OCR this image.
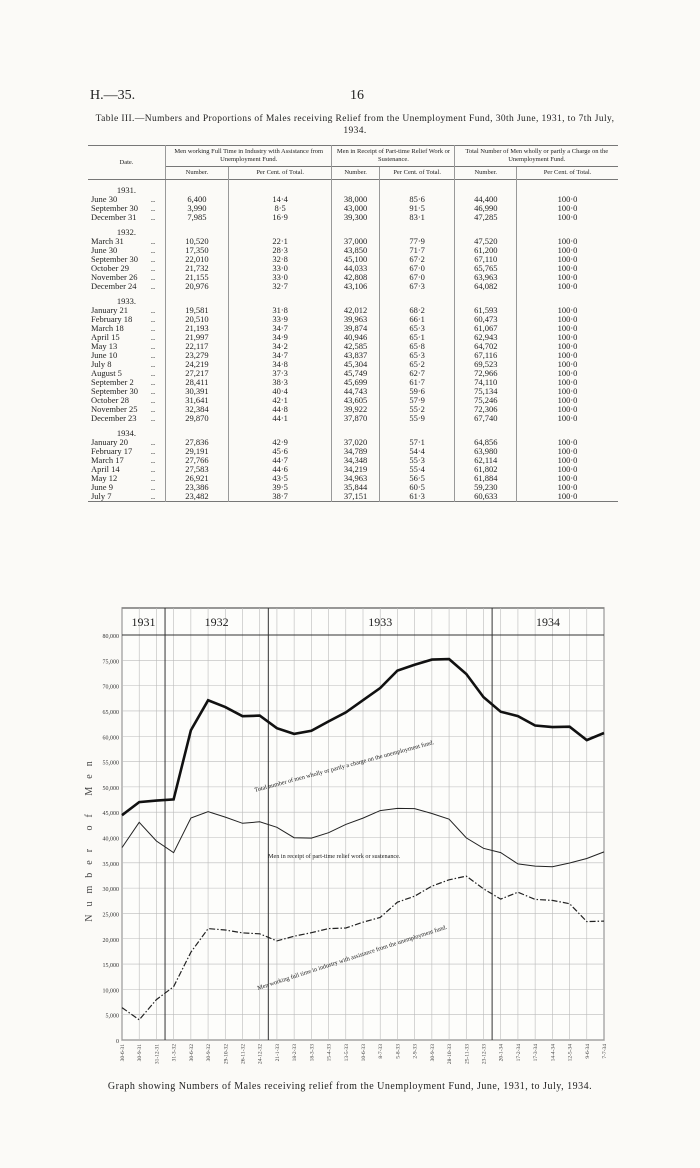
H.—35.	16
Table III.—Numbers and Proportions of Males receiving Relief from the Unemployment Fund, 30th June, 1931, to 7th July, 1934.
Date.		Men working Full Time in Industry with Assistance from Unemployment Fund.		Men in Receipt of Part-time Relief Work or Sustenance.		Total Number of Men wholly or partly a Charge on the Unemployment Fund.	
		Number.	Per Cent. of Total.	Number.	Per Cent. of Total.	Number.	Per Cent. of Total.
1931.							
June 30	..	6,400	14·4	38,000	85·6	44,400	100·0
September 30	..	3,990	8·5	43,000	91·5	46,990	100·0
December 31	..	7,985	16·9	39,300	83·1	47,285	100·0
1932.							
March 31	..	10,520	22·1	37,000	77·9	47,520	100·0
June 30	..	17,350	28·3	43,850	71·7	61,200	100·0
September 30	..	22,010	32·8	45,100	67·2	67,110	100·0
October 29	..	21,732	33·0	44,033	67·0	65,765	100·0
November 26	..	21,155	33·0	42,808	67·0	63,963	100·0
December 24	..	20,976	32·7	43,106	67·3	64,082	100·0
1933.							
January 21	..	19,581	31·8	42,012	68·2	61,593	100·0
February 18	..	20,510	33·9	39,963	66·1	60,473	100·0
March 18	..	21,193	34·7	39,874	65·3	61,067	100·0
April 15	..	21,997	34·9	40,946	65·1	62,943	100·0
May 13	..	22,117	34·2	42,585	65·8	64,702	100·0
June 10	..	23,279	34·7	43,837	65·3	67,116	100·0
July 8	..	24,219	34·8	45,304	65·2	69,523	100·0
August 5	..	27,217	37·3	45,749	62·7	72,966	100·0
September 2	..	28,411	38·3	45,699	61·7	74,110	100·0
September 30	..	30,391	40·4	44,743	59·6	75,134	100·0
October 28	..	31,641	42·1	43,605	57·9	75,246	100·0
November 25	..	32,384	44·8	39,922	55·2	72,306	100·0
December 23	..	29,870	44·1	37,870	55·9	67,740	100·0
1934.							
January 20	..	27,836	42·9	37,020	57·1	64,856	100·0
February 17	..	29,191	45·6	34,789	54·4	63,980	100·0
March 17	..	27,766	44·7	34,348	55·3	62,114	100·0
April 14	..	27,583	44·6	34,219	55·4	61,802	100·0
May 12	..	26,921	43·5	34,963	56·5	61,884	100·0
June 9	..	23,386	39·5	35,844	60·5	59,230	100·0
July 7	..	23,482	38·7	37,151	61·3	60,633	100·0

0
5,000
10,000
15,000
20,000
25,000
30,000
35,000
40,000
45,000
50,000
55,000
60,000
65,000
70,000
75,000
80,000
30-6-31 30-9-31 31-12-31 31-3-32 30-6-32 30-9-32 29-10-32 26-11-32 24-12-32 21-1-33 18-2-33 18-3-33 15-4-33 13-5-33 10-6-33 8-7-33 5-8-33 2-9-33 30-9-33 28-10-33 25-11-33 23-12-33 20-1-34 17-2-34 17-3-34 14-4-34 12-5-34 9-6-34 7-7-34
1931	1932	1933	1934
Number of Men	Total number of men wholly or partly a charge on the unemployment fund.
Men in receipt of part-time relief work or sustenance.
Men working full time in industry with assistance from the unemployment fund.
Graph showing Numbers of Males receiving relief from the Unemployment Fund, June, 1931, to July, 1934.
